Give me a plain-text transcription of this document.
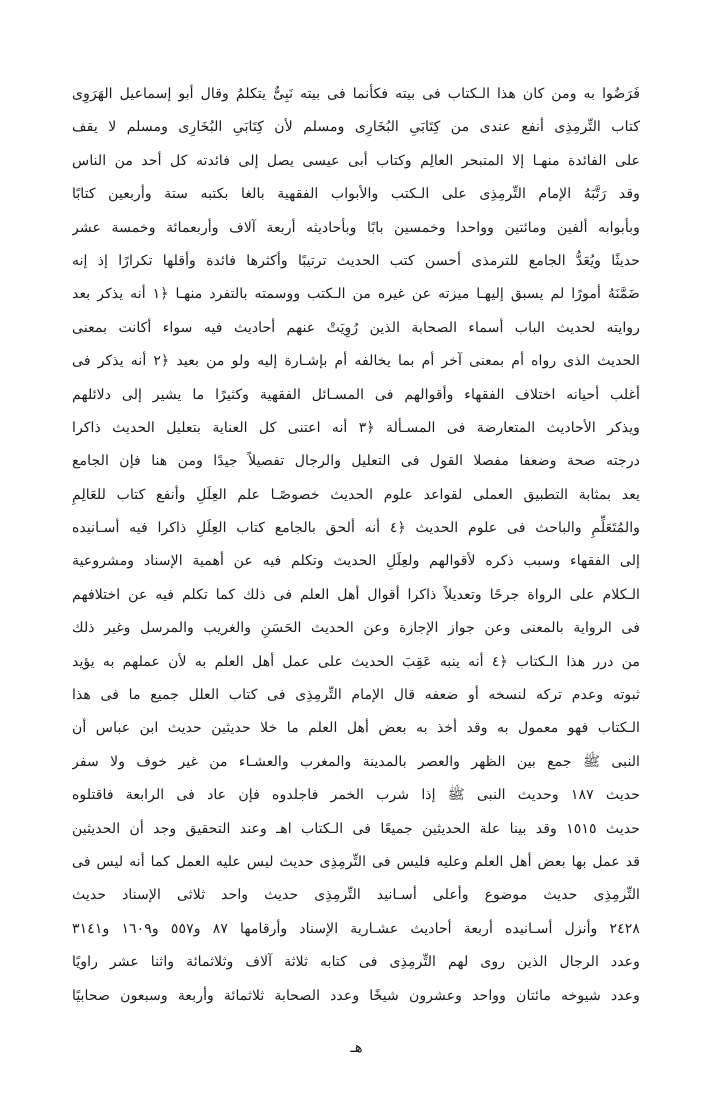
فَرَضُوا به ومن كان هذا الـكتاب فى بيته فكأنما فى بيته نَبِىٌّ يتكلمُ وقال أبو إسماعيل الهَرَوِى
كتاب التِّرمِذِى أنفع عندى من كِتَابَىِ البُخَارِى ومسلم لأن كِتَابَىِ البُخَارِى ومسلم لا يقف
على الفائدة منهـا إلا المتبحر العالِم وكتاب أبى عيسى يصل إلى فائدته كل أحد من الناس
وقد رَتَّبَهُ الإمام التِّرمِذِى على الـكتب والأبواب الفقهية بالغا بكتبه ستة وأربعين كتابًا
وبأبوابه ألفين ومائتين وواحدا وخمسين بابًا وبأحاديثه أربعة آلاف وأربعمائة وخمسة عشر
حديثًا ويُعَدُّ الجامع للترمذى أحسن كتب الحديث ترتيبًا وأكثرها فائدة وأقلها تكرارًا إذ إنه
ضَمَّنَهُ أمورًا لم يسبق إليهـا ميزته عن غيره من الـكتب ووسمته بالتفرد منهـا ﴿١ أنه يذكر بعد
روايته لحديث الباب أسماء الصحابة الذين رُوِيَتْ عنهم أحاديث فيه سواء أكانت بمعنى
الحديث الذى رواه أم بمعنى آخر أم بما يخالفه أم بإشـارة إليه ولو من بعيد ﴿٢ أنه يذكر فى
أغلب أحيانه اختلاف الفقهاء وأقوالهم فى المسـائل الفقهية وكثيرًا ما يشير إلى دلائلهم
ويذكر الأحاديث المتعارضة فى المسـألة ﴿٣ أنه اعتنى كل العناية بتعليل الحديث ذاكرا
درجته صحة وضعفا مفصلا القول فى التعليل والرجال تفصيلاً جيدًا ومن هنا فإن الجامع
يعد بمثابة التطبيق العملى لقواعد علوم الحديث خصوصًـا علم العِلَلِ وأنفع كتاب للعَالِمِ
والمُتَعَلِّمِ والباحث فى علوم الحديث ﴿٤ أنه ألحق بالجامع كتاب العِلَلِ ذاكرا فيه أسـانيده
إلى الفقهاء وسبب ذكره لأقوالهم ولعِلَلِ الحديث وتكلم فيه عن أهمية الإسناد ومشروعية
الـكلام على الرواة جرحًا وتعديلاً ذاكرا أقوال أهل العلم فى ذلك كما تكلم فيه عن اختلافهم
فى الرواية بالمعنى وعن جواز الإجازة وعن الحديث الحَسَنِ والغريب والمرسل وغير ذلك
من درر هذا الـكتاب ﴿٤ أنه ينبه عَقِبَ الحديث على عمل أهل العلم به لأن عملهم به يؤيد
ثبوته وعدم تركه لنسخه أو ضعفه قال الإمام التِّرمِذِى فى كتاب العلل جميع ما فى هذا
الـكتاب فهو معمول به وقد أخذ به بعض أهل العلم ما خلا حديثين حديث ابن عباس أن
النبى ﷺ جمع بين الظهر والعصر بالمدينة والمغرب والعشـاء من غير خوف ولا سفر
حديث ١٨٧ وحديث النبى ﷺ إذا شرب الخمر فاجلدوه فإن عاد فى الرابعة فاقتلوه
حديث ١٥١٥ وقد بينا علة الحديثين جميعًا فى الـكتاب اهـ وعند التحقيق وجد أن الحديثين
قد عمل بها بعض أهل العلم وعليه فليس فى التِّرمِذِى حديث ليس عليه العمل كما أنه ليس فى
التِّرمِذِى حديث موضوع وأعلى أسـانيد التِّرمِذِى حديث واحد ثلاثى الإسناد حديث
٢٤٢٨ وأنزل أسـانيده أربعة أحاديث عشـارية الإسناد وأرقامها ٨٧ و٥٥٧ و١٦٠٩ و٣١٤١
وعدد الرجال الذين روى لهم التِّرمِذِى فى كتابه ثلاثة آلاف وثلاثمائة واثنا عشر راويًا
وعدد شيوخه مائتان وواحد وعشرون شيخًا وعدد الصحابة ثلاثمائة وأربعة وسبعون صحابيًا
هـ
